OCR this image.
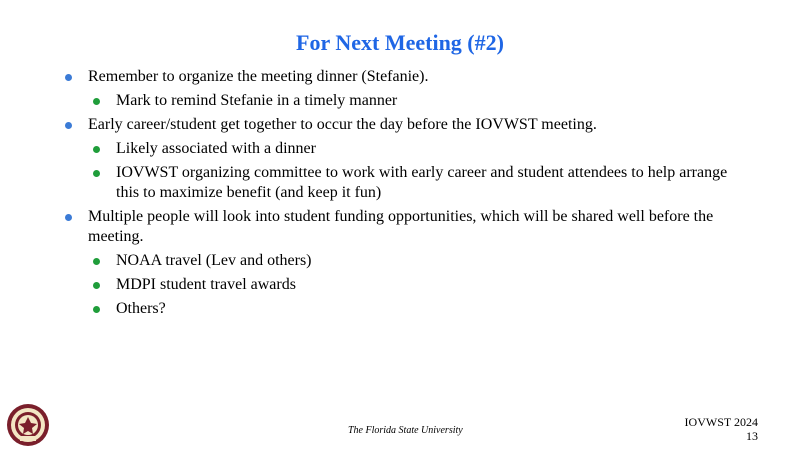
For Next Meeting (#2)
Remember to organize the meeting dinner (Stefanie).
Mark to remind Stefanie in a timely manner
Early career/student get together to occur the day before the IOVWST meeting.
Likely associated with a dinner
IOVWST organizing committee to work with early career and student attendees to help arrange this to maximize benefit (and keep it fun)
Multiple people will look into student funding opportunities, which will be shared well before the meeting.
NOAA travel (Lev and others)
MDPI student travel awards
Others?
The Florida State University
IOVWST 2024
13
